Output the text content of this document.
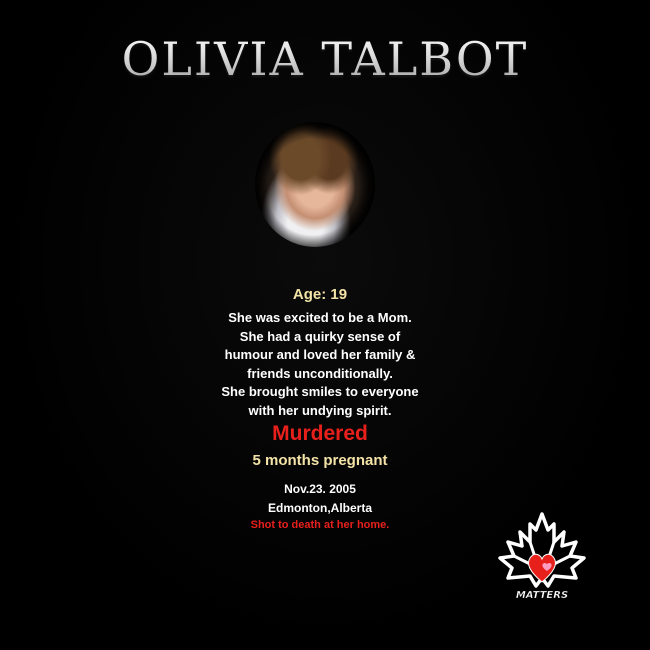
OLIVIA TALBOT
Age: 19
She was excited to be a Mom.
She had a quirky sense of
humour and loved her family &
friends unconditionally.
She brought smiles to everyone
with her undying spirit.
Murdered
5 months pregnant
Nov.23. 2005
Edmonton,Alberta
Shot to death at her home.
MATTERS
